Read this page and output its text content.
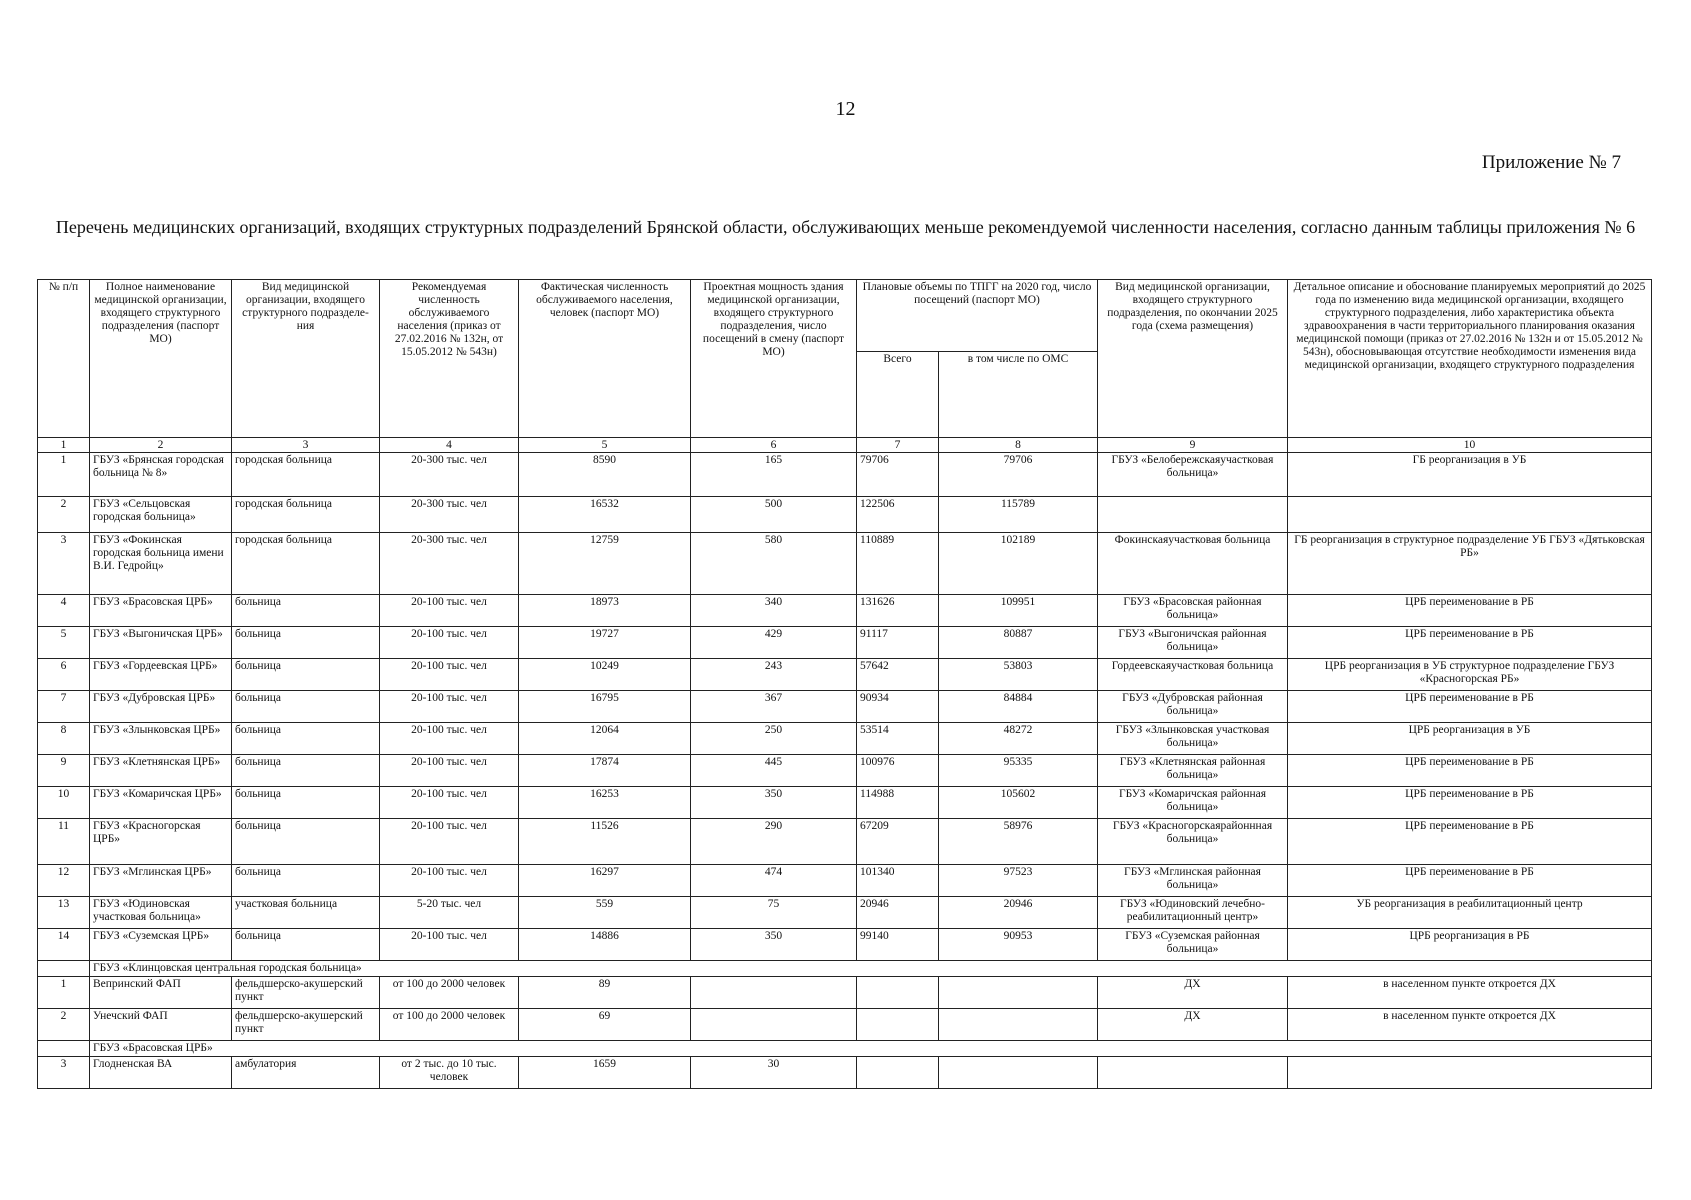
12
Приложение № 7
Перечень медицинских организаций, входящих структурных подразделений Брянской области, обслуживающих меньше рекомендуемой численности населения, согласно данным таблицы приложения № 6
№ п/п	Полное наименование медицинской организации, входящего структурного подразделения (паспорт МО)	Вид медицинской организации, входящего структурного подразделе-ния	Рекомендуемая численность обслуживаемого населения (приказ от 27.02.2016 № 132н, от 15.05.2012 № 543н)	Фактическая численность обслуживаемого населения, человек (паспорт МО)	Проектная мощность здания медицинской организации, входящего структурного подразделения, число посещений в смену (паспорт МО)	Плановые объемы по ТПГГ на 2020 год, число посещений (паспорт МО)		Вид медицинской организации, входящего структурного подразделения, по окончании 2025 года (схема размещения)	Детальное описание и обоснование планируемых мероприятий до 2025 года по изменению вида медицинской организации, входящего структурного подразделения, либо характеристика объекта здравоохранения в части территориального планирования оказания медицинской помощи (приказ от 27.02.2016 № 132н и от 15.05.2012 № 543н), обосновывающая отсутствие необходимости изменения вида медицинской организации, входящего структурного подразделения
						Всего	в том числе по ОМС		
1	2	3	4	5	6	7	8	9	10
1	ГБУЗ «Брянская городская больница № 8»	городская больница	20-300 тыс. чел	8590	165	79706	79706	ГБУЗ «Белобережскаяучастковая больница»	ГБ реорганизация в УБ
2	ГБУЗ «Сельцовская городская больница»	городская больница	20-300 тыс. чел	16532	500	122506	115789		
3	ГБУЗ «Фокинская городская больница имени В.И. Гедройц»	городская больница	20-300 тыс. чел	12759	580	110889	102189	Фокинскаяучастковая больница	ГБ реорганизация в структурное подразделение УБ ГБУЗ «Дятьковская РБ»
4	ГБУЗ «Брасовская ЦРБ»	больница	20-100 тыс. чел	18973	340	131626	109951	ГБУЗ «Брасовская районная больница»	ЦРБ переименование в РБ
5	ГБУЗ «Выгоничская ЦРБ»	больница	20-100 тыс. чел	19727	429	91117	80887	ГБУЗ «Выгоничская районная больница»	ЦРБ переименование в РБ
6	ГБУЗ «Гордеевская ЦРБ»	больница	20-100 тыс. чел	10249	243	57642	53803	Гордеевскаяучастковая больница	ЦРБ реорганизация в УБ структурное подразделение ГБУЗ «Красногорская РБ»
7	ГБУЗ «Дубровская ЦРБ»	больница	20-100 тыс. чел	16795	367	90934	84884	ГБУЗ «Дубровская районная больница»	ЦРБ переименование в РБ
8	ГБУЗ «Злынковская ЦРБ»	больница	20-100 тыс. чел	12064	250	53514	48272	ГБУЗ «Злынковская участковая больница»	ЦРБ реорганизация в УБ
9	ГБУЗ «Клетнянская ЦРБ»	больница	20-100 тыс. чел	17874	445	100976	95335	ГБУЗ «Клетнянская районная больница»	ЦРБ переименование в РБ
10	ГБУЗ «Комаричская ЦРБ»	больница	20-100 тыс. чел	16253	350	114988	105602	ГБУЗ «Комаричская районная больница»	ЦРБ переименование в РБ
11	ГБУЗ «Красногорская ЦРБ»	больница	20-100 тыс. чел	11526	290	67209	58976	ГБУЗ «Красногорскаярайоннная больница»	ЦРБ переименование в РБ
12	ГБУЗ «Мглинская ЦРБ»	больница	20-100 тыс. чел	16297	474	101340	97523	ГБУЗ «Мглинская районная больница»	ЦРБ переименование в РБ
13	ГБУЗ «Юдиновская участковая больница»	участковая больница	5-20 тыс. чел	559	75	20946	20946	ГБУЗ «Юдиновский лечебно-реабилитационный центр»	УБ реорганизация в реабилитационный центр
14	ГБУЗ «Суземская ЦРБ»	больница	20-100 тыс. чел	14886	350	99140	90953	ГБУЗ «Суземская районная больница»	ЦРБ реорганизация в РБ
	ГБУЗ «Клинцовская центральная городская больница»								
1	Вепринский ФАП	фельдшерско-акушерский пункт	от 100 до 2000 человек	89				ДХ	в населенном пункте откроется ДХ
2	Унечский ФАП	фельдшерско-акушерский пункт	от 100 до 2000 человек	69				ДХ	в населенном пункте откроется ДХ
	ГБУЗ «Брасовская ЦРБ»								
3	Глодненская ВА	амбулатория	от 2 тыс. до 10 тыс. человек	1659	30				
